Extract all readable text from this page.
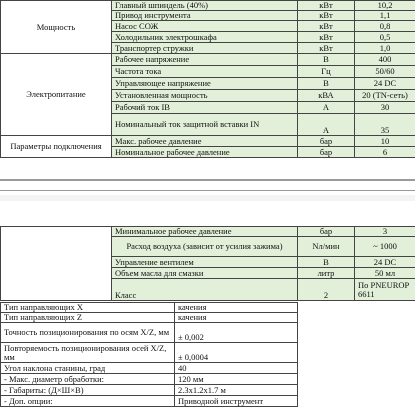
Мощность	Главный шпиндель (40%)	кВт	10,2
	Привод инструмента	кВт	1,1
	Насос СОЖ	кВт	0,8
	Холодильник электрошкафа	кВт	0,5
	Транспортер стружки	кВт	1,0
Электропитание	Рабочее напряжение	В	400
	Частота тока	Гц	50/60
	Управляющее напряжение	В	24 DC
	Установленная мощность	кВА	20 (TN-сеть)
	Рабочий ток IB	А	30
	Номинальный ток защитной вставки IN	А	35
Параметры подключения	Макс. рабочее давление	бар	10
	Номинальное рабочее давление	бар	6
	Минимальное рабочее давление	бар	3
	Расход воздуха (зависит от усилия зажима)	Nл/мин	~ 1000
	Управление вентилем	В	24 DC
	Объем масла для смазки	литр	50 мл
	Класс	2	По PNEUROP 6611
Тип направляющих X	качения
Тип направляющих Z	качения
Точность позиционирования по осям X/Z, мм	± 0,002
Повторяемость позиционирования осей X/Z, мм	± 0,0004
Угол наклона станины, град	40
- Макс. диаметр обработки:	120 мм
- Габариты: (Д×Ш×В)	2.3x1.2x1.7 м
- Доп. опции:	Приводной инструмент
